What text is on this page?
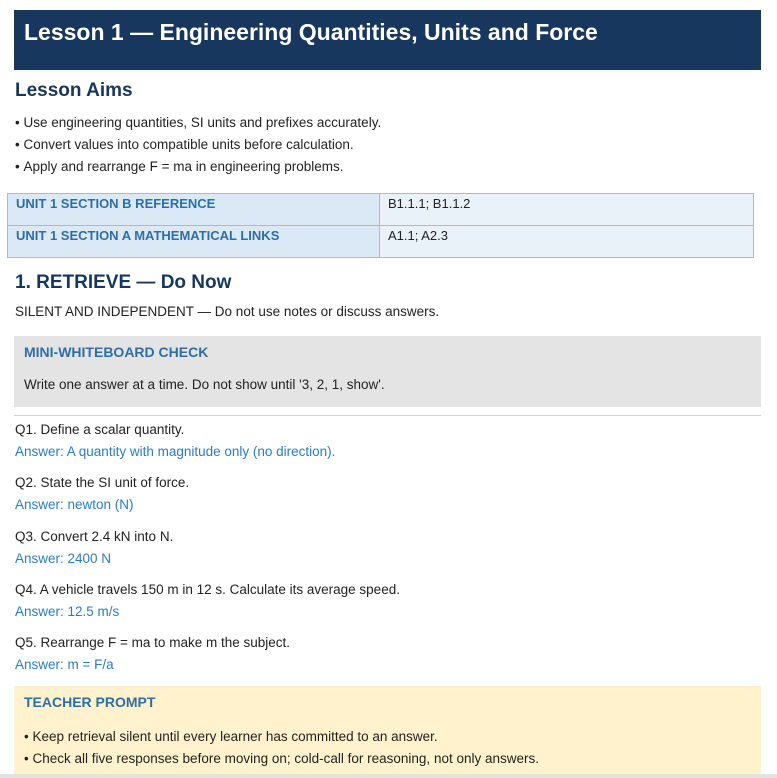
Lesson 1 — Engineering Quantities, Units and Force
Lesson Aims
• Use engineering quantities, SI units and prefixes accurately.
• Convert values into compatible units before calculation.
• Apply and rearrange F = ma in engineering problems.
UNIT 1 SECTION B REFERENCE	B1.1.1; B1.1.2
UNIT 1 SECTION A MATHEMATICAL LINKS	A1.1; A2.3
1. RETRIEVE — Do Now

SILENT AND INDEPENDENT — Do not use notes or discuss answers.

MINI-WHITEBOARD CHECK

Write one answer at a time. Do not show until '3, 2, 1, show'.

Q1. Define a scalar quantity.
Answer: A quantity with magnitude only (no direction).
Q2. State the SI unit of force.
Answer: newton (N)
Q3. Convert 2.4 kN into N.
Answer: 2400 N
Q4. A vehicle travels 150 m in 12 s. Calculate its average speed.
Answer: 12.5 m/s
Q5. Rearrange F = ma to make m the subject.
Answer: m = F/a

TEACHER PROMPT

• Keep retrieval silent until every learner has committed to an answer.
• Check all five responses before moving on; cold-call for reasoning, not only answers.
